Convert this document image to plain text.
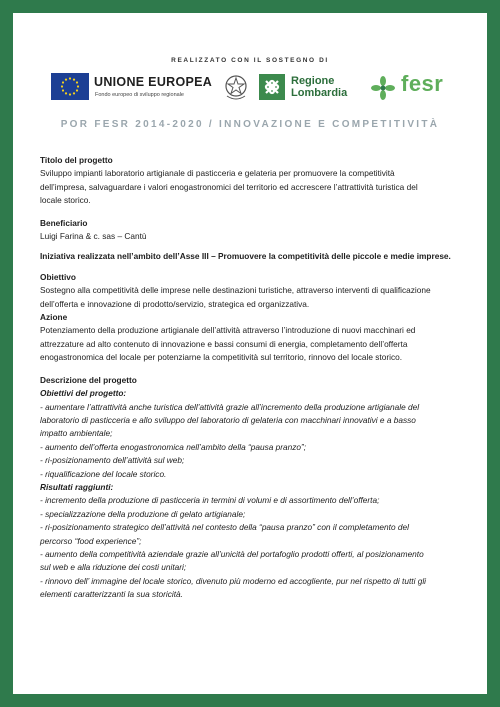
REALIZZATO CON IL SOSTEGNO DI
UNIONE EUROPEA
Fondo europeo di sviluppo regionale
Regione
Lombardia fesr
POR FESR 2014-2020 / INNOVAZIONE E COMPETITIVITÀ

Titolo del progetto

Sviluppo impianti laboratorio artigianale di pasticceria e gelateria per promuovere la competitività

dell’impresa, salvaguardare i valori enogastronomici del territorio ed accrescere l’attrattività turistica del

locale storico.

Beneficiario

Luigi Farina & c. sas – Cantù

Iniziativa realizzata nell’ambito dell’Asse III – Promuovere la competitività delle piccole e medie imprese.

Obiettivo

Sostegno alla competitività delle imprese nelle destinazioni turistiche, attraverso interventi di qualificazione

dell’offerta e innovazione di prodotto/servizio, strategica ed organizzativa.

Azione

Potenziamento della produzione artigianale dell’attività attraverso l’introduzione di nuovi macchinari ed

attrezzature ad alto contenuto di innovazione e bassi consumi di energia, completamento dell’offerta

enogastronomica del locale per potenziarne la competitività sul territorio, rinnovo del locale storico.

Descrizione del progetto

Obiettivi del progetto:

- aumentare l’attrattività anche turistica dell’attività grazie all’incremento della produzione artigianale del

laboratorio di pasticceria e allo sviluppo del laboratorio di gelateria con macchinari innovativi e a basso

impatto ambientale;

- aumento dell’offerta enogastronomica nell’ambito della “pausa pranzo”;

- ri-posizionamento dell’attività sul web;

- riqualificazione del locale storico.

Risultati raggiunti:

- incremento della produzione di pasticceria in termini di volumi e di assortimento dell’offerta;

- specializzazione della produzione di gelato artigianale;

- ri-posizionamento strategico dell’attività nel contesto della “pausa pranzo” con il completamento del

percorso “food experience”;

- aumento della competitività aziendale grazie all’unicità del portafoglio prodotti offerti, al posizionamento

sul web e alla riduzione dei costi unitari;

- rinnovo dell’ immagine del locale storico, divenuto più moderno ed accogliente, pur nel rispetto di tutti gli

elementi caratterizzanti la sua storicità.
